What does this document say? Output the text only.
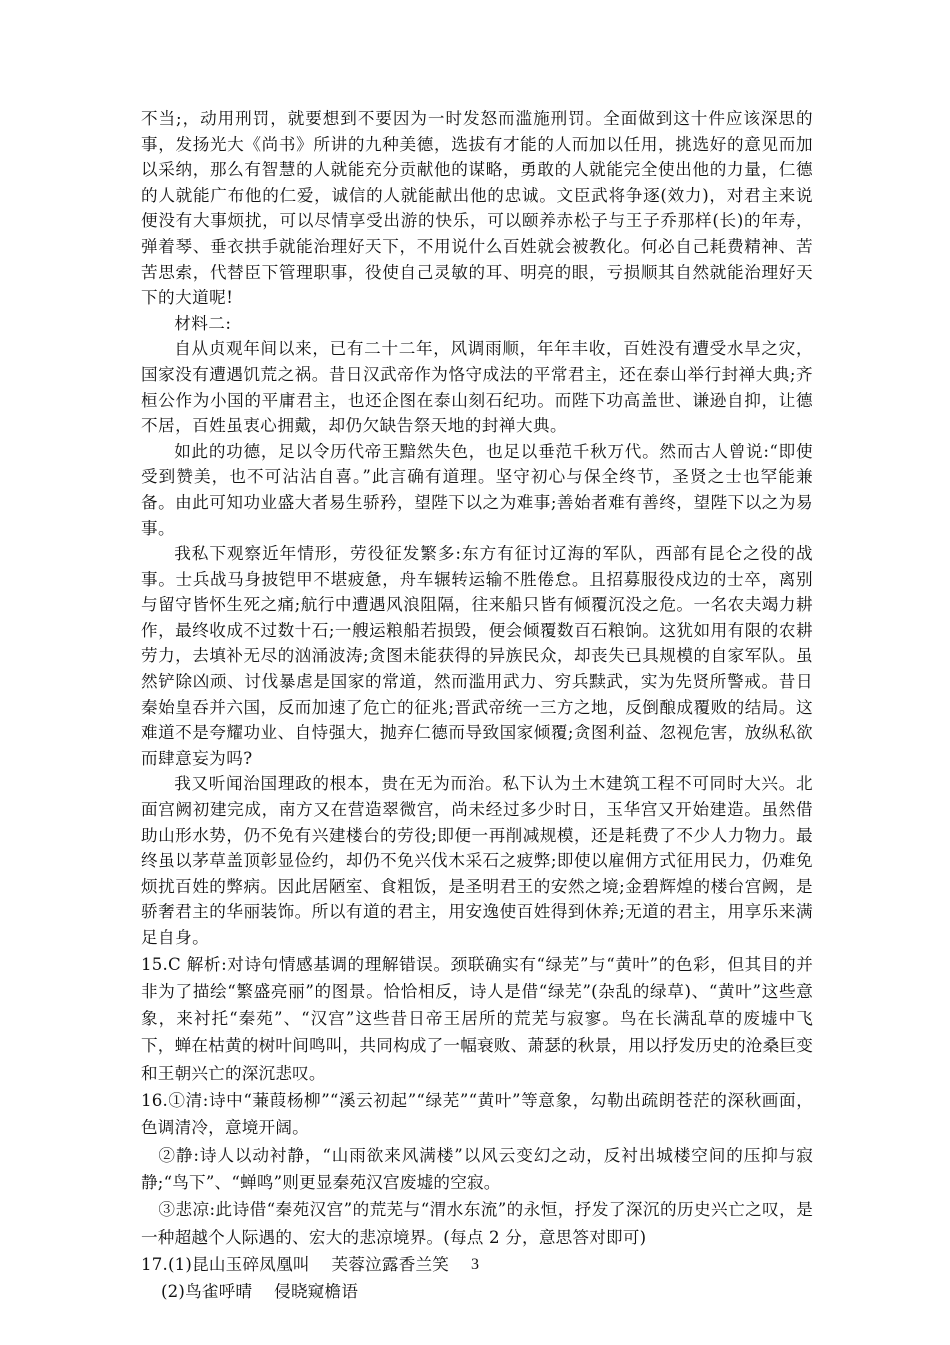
不当;，动用刑罚，就要想到不要因为一时发怒而滥施刑罚。全面做到这十件应该深思的事，发扬光大《尚书》所讲的九种美德，选拔有才能的人而加以任用，挑选好的意见而加以采纳，那么有智慧的人就能充分贡献他的谋略，勇敢的人就能完全使出他的力量，仁德的人就能广布他的仁爱，诚信的人就能献出他的忠诚。文臣武将争逐(效力)，对君主来说便没有大事烦扰，可以尽情享受出游的快乐，可以颐养赤松子与王子乔那样(长)的年寿，弹着琴、垂衣拱手就能治理好天下，不用说什么百姓就会被教化。何必自己耗费精神、苦苦思索，代替臣下管理职事，役使自己灵敏的耳、明亮的眼，亏损顺其自然就能治理好天下的大道呢!

材料二:

自从贞观年间以来，已有二十二年，风调雨顺，年年丰收，百姓没有遭受水旱之灾，国家没有遭遇饥荒之祸。昔日汉武帝作为恪守成法的平常君主，还在泰山举行封禅大典;齐桓公作为小国的平庸君主，也还企图在泰山刻石纪功。而陛下功高盖世、谦逊自抑，让德不居，百姓虽衷心拥戴，却仍欠缺告祭天地的封禅大典。

如此的功德，足以令历代帝王黯然失色，也足以垂范千秋万代。然而古人曾说:“即使受到赞美，也不可沾沾自喜。”此言确有道理。坚守初心与保全终节，圣贤之士也罕能兼备。由此可知功业盛大者易生骄矜，望陛下以之为难事;善始者难有善终，望陛下以之为易事。

我私下观察近年情形，劳役征发繁多:东方有征讨辽海的军队，西部有昆仑之役的战事。士兵战马身披铠甲不堪疲惫，舟车辗转运输不胜倦怠。且招募服役戍边的士卒，离别与留守皆怀生死之痛;航行中遭遇风浪阻隔，往来船只皆有倾覆沉没之危。一名农夫竭力耕作，最终收成不过数十石;一艘运粮船若损毁，便会倾覆数百石粮饷。这犹如用有限的农耕劳力，去填补无尽的汹涌波涛;贪图未能获得的异族民众，却丧失已具规模的自家军队。虽然铲除凶顽、讨伐暴虐是国家的常道，然而滥用武力、穷兵黩武，实为先贤所警戒。昔日秦始皇吞并六国，反而加速了危亡的征兆;晋武帝统一三方之地，反倒酿成覆败的结局。这难道不是夸耀功业、自恃强大，抛弃仁德而导致国家倾覆;贪图利益、忽视危害，放纵私欲而肆意妄为吗?

我又听闻治国理政的根本，贵在无为而治。私下认为土木建筑工程不可同时大兴。北面宫阙初建完成，南方又在营造翠微宫，尚未经过多少时日，玉华宫又开始建造。虽然借助山形水势，仍不免有兴建楼台的劳役;即便一再削减规模，还是耗费了不少人力物力。最终虽以茅草盖顶彰显俭约，却仍不免兴伐木采石之疲弊;即使以雇佣方式征用民力，仍难免烦扰百姓的弊病。因此居陋室、食粗饭，是圣明君王的安然之境;金碧辉煌的楼台宫阙，是骄奢君主的华丽装饰。所以有道的君主，用安逸使百姓得到休养;无道的君主，用享乐来满足自身。

15.C 解析:对诗句情感基调的理解错误。颈联确实有“绿芜”与“黄叶”的色彩，但其目的并非为了描绘“繁盛亮丽”的图景。恰恰相反，诗人是借“绿芜”(杂乱的绿草)、“黄叶”这些意象，来衬托“秦苑”、“汉宫”这些昔日帝王居所的荒芜与寂寥。鸟在长满乱草的废墟中飞下，蝉在枯黄的树叶间鸣叫，共同构成了一幅衰败、萧瑟的秋景，用以抒发历史的沧桑巨变和王朝兴亡的深沉悲叹。

16.①清:诗中“蒹葭杨柳”“溪云初起”“绿芜”“黄叶”等意象，勾勒出疏朗苍茫的深秋画面，色调清冷，意境开阔。

②静:诗人以动衬静，“山雨欲来风满楼”以风云变幻之动，反衬出城楼空间的压抑与寂静;“鸟下”、“蝉鸣”则更显秦苑汉宫废墟的空寂。

③悲凉:此诗借“秦苑汉宫”的荒芜与“渭水东流”的永恒，抒发了深沉的历史兴亡之叹，是一种超越个人际遇的、宏大的悲凉境界。(每点 2 分，意思答对即可)

17.(1)昆山玉碎凤凰叫    芙蓉泣露香兰笑

(2)鸟雀呼晴    侵晓窥檐语

3
